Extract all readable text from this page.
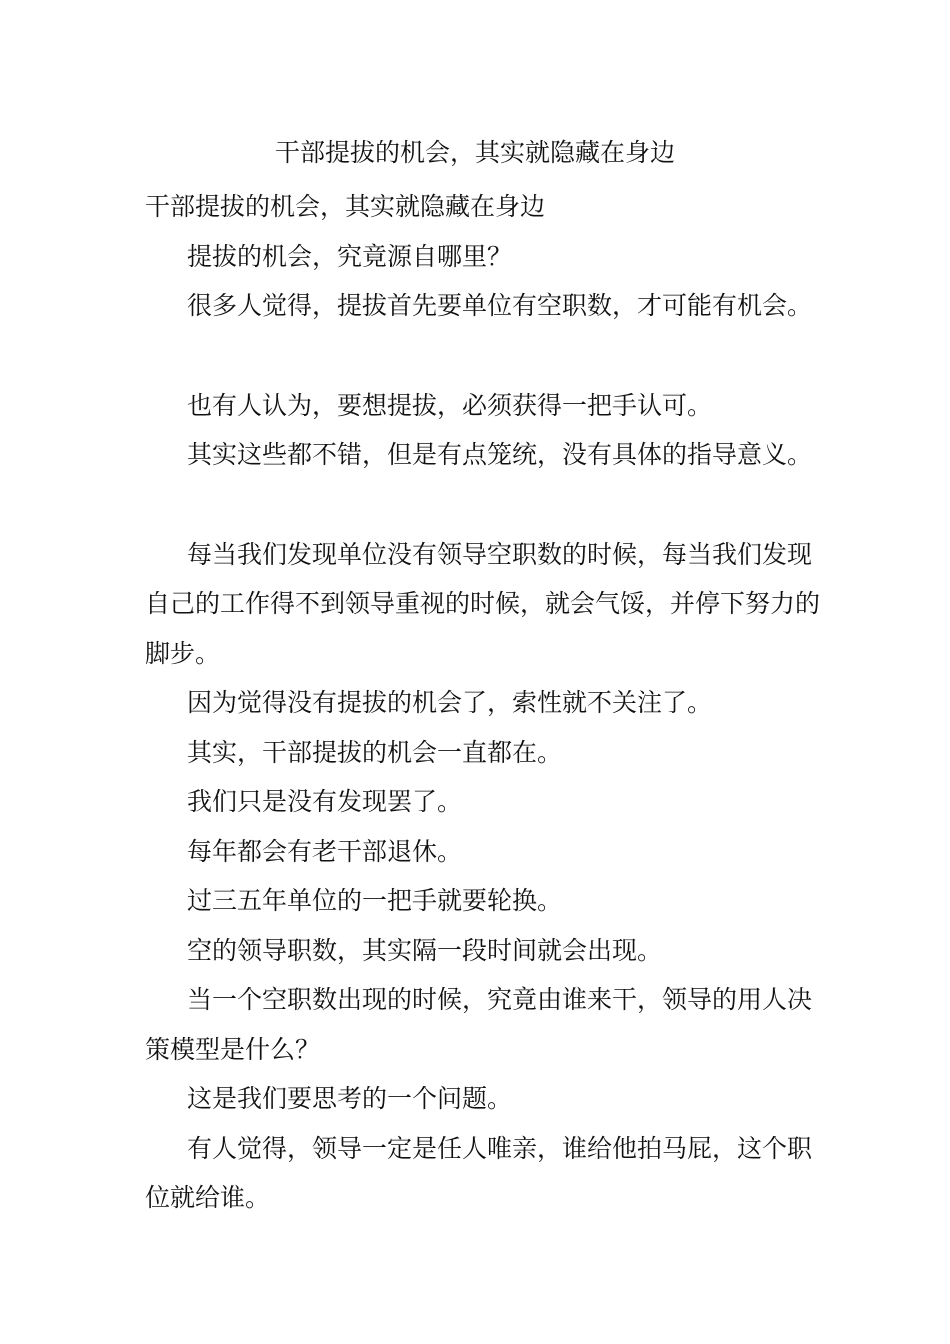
干部提拔的机会，其实就隐藏在身边

干部提拔的机会，其实就隐藏在身边

提拔的机会，究竟源自哪里？

很多人觉得，提拔首先要单位有空职数，才可能有机会。

也有人认为，要想提拔，必须获得一把手认可。

其实这些都不错，但是有点笼统，没有具体的指导意义。

每当我们发现单位没有领导空职数的时候，每当我们发现自己的工作得不到领导重视的时候，就会气馁，并停下努力的脚步。

因为觉得没有提拔的机会了，索性就不关注了。

其实，干部提拔的机会一直都在。

我们只是没有发现罢了。

每年都会有老干部退休。

过三五年单位的一把手就要轮换。

空的领导职数，其实隔一段时间就会出现。

当一个空职数出现的时候，究竟由谁来干，领导的用人决策模型是什么？

这是我们要思考的一个问题。

有人觉得，领导一定是任人唯亲，谁给他拍马屁，这个职位就给谁。
